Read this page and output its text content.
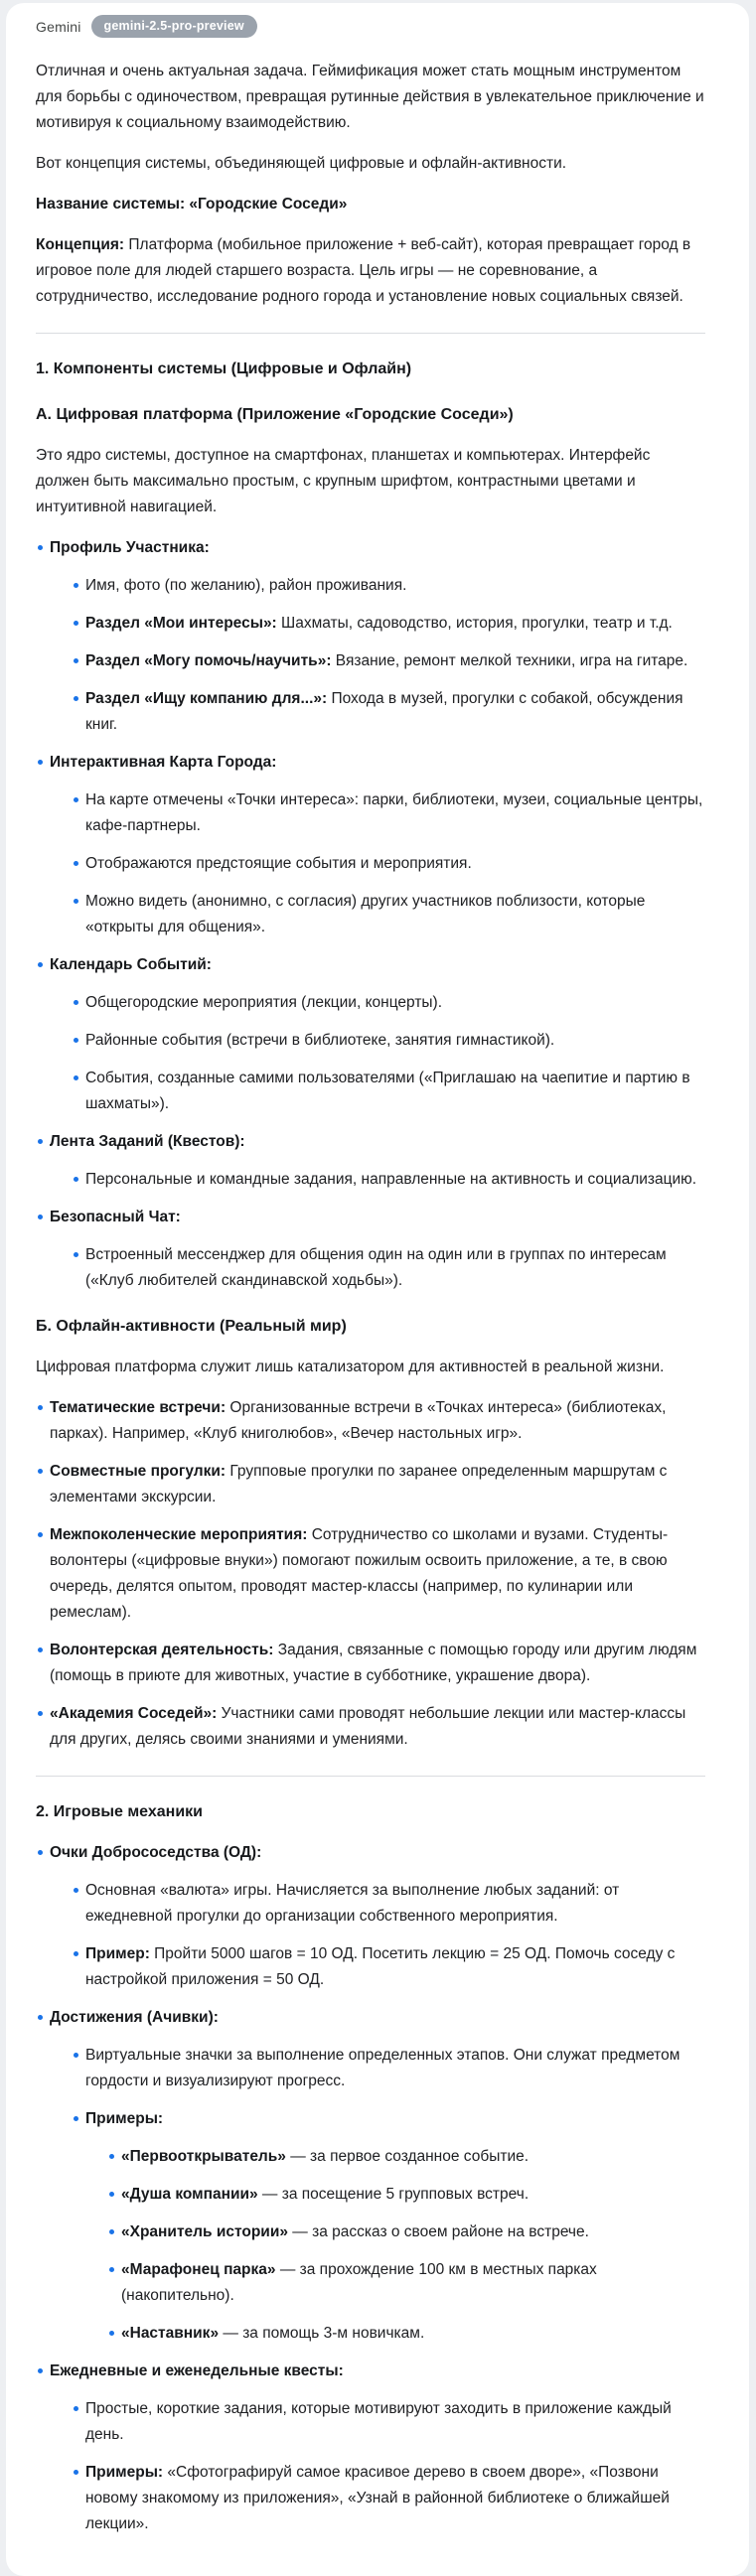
Gemini	gemini-2.5-pro-preview

Отличная и очень актуальная задача. Геймификация может стать мощным инструментом для борьбы с одиночеством, превращая рутинные действия в увлекательное приключение и мотивируя к социальному взаимодействию.

Вот концепция системы, объединяющей цифровые и офлайн-активности.

Название системы: «Городские Соседи»

Концепция: Платформа (мобильное приложение + веб-сайт), которая превращает город в игровое поле для людей старшего возраста. Цель игры — не соревнование, а сотрудничество, исследование родного города и установление новых социальных связей.

1. Компоненты системы (Цифровые и Офлайн)
А. Цифровая платформа (Приложение «Городские Соседи»)

Это ядро системы, доступное на смартфонах, планшетах и компьютерах. Интерфейс должен быть максимально простым, с крупным шрифтом, контрастными цветами и интуитивной навигацией.

Профиль Участника:
Имя, фото (по желанию), район проживания.
Раздел «Мои интересы»: Шахматы, садоводство, история, прогулки, театр и т.д.
Раздел «Могу помочь/научить»: Вязание, ремонт мелкой техники, игра на гитаре.
Раздел «Ищу компанию для...»: Похода в музей, прогулки с собакой, обсуждения книг.
Интерактивная Карта Города:
На карте отмечены «Точки интереса»: парки, библиотеки, музеи, социальные центры, кафе-партнеры.
Отображаются предстоящие события и мероприятия.
Можно видеть (анонимно, с согласия) других участников поблизости, которые «открыты для общения».
Календарь Событий:
Общегородские мероприятия (лекции, концерты).
Районные события (встречи в библиотеке, занятия гимнастикой).
События, созданные самими пользователями («Приглашаю на чаепитие и партию в шахматы»).
Лента Заданий (Квестов):
Персональные и командные задания, направленные на активность и социализацию.
Безопасный Чат:
Встроенный мессенджер для общения один на один или в группах по интересам («Клуб любителей скандинавской ходьбы»).
Б. Офлайн-активности (Реальный мир)

Цифровая платформа служит лишь катализатором для активностей в реальной жизни.

Тематические встречи: Организованные встречи в «Точках интереса» (библиотеках, парках). Например, «Клуб книголюбов», «Вечер настольных игр».
Совместные прогулки: Групповые прогулки по заранее определенным маршрутам с элементами экскурсии.
Межпоколенческие мероприятия: Сотрудничество со школами и вузами. Студенты-волонтеры («цифровые внуки») помогают пожилым освоить приложение, а те, в свою очередь, делятся опытом, проводят мастер-классы (например, по кулинарии или ремеслам).
Волонтерская деятельность: Задания, связанные с помощью городу или другим людям (помощь в приюте для животных, участие в субботнике, украшение двора).
«Академия Соседей»: Участники сами проводят небольшие лекции или мастер-классы для других, делясь своими знаниями и умениями.
2. Игровые механики
Очки Добрососедства (ОД):
Основная «валюта» игры. Начисляется за выполнение любых заданий: от ежедневной прогулки до организации собственного мероприятия.
Пример: Пройти 5000 шагов = 10 ОД. Посетить лекцию = 25 ОД. Помочь соседу с настройкой приложения = 50 ОД.
Достижения (Ачивки):
Виртуальные значки за выполнение определенных этапов. Они служат предметом гордости и визуализируют прогресс.
Примеры:
«Первооткрыватель» — за первое созданное событие.
«Душа компании» — за посещение 5 групповых встреч.
«Хранитель истории» — за рассказ о своем районе на встрече.
«Марафонец парка» — за прохождение 100 км в местных парках (накопительно).
«Наставник» — за помощь 3-м новичкам.
Ежедневные и еженедельные квесты:
Простые, короткие задания, которые мотивируют заходить в приложение каждый день.
Примеры: «Сфотографируй самое красивое дерево в своем дворе», «Позвони новому знакомому из приложения», «Узнай в районной библиотеке о ближайшей лекции».
